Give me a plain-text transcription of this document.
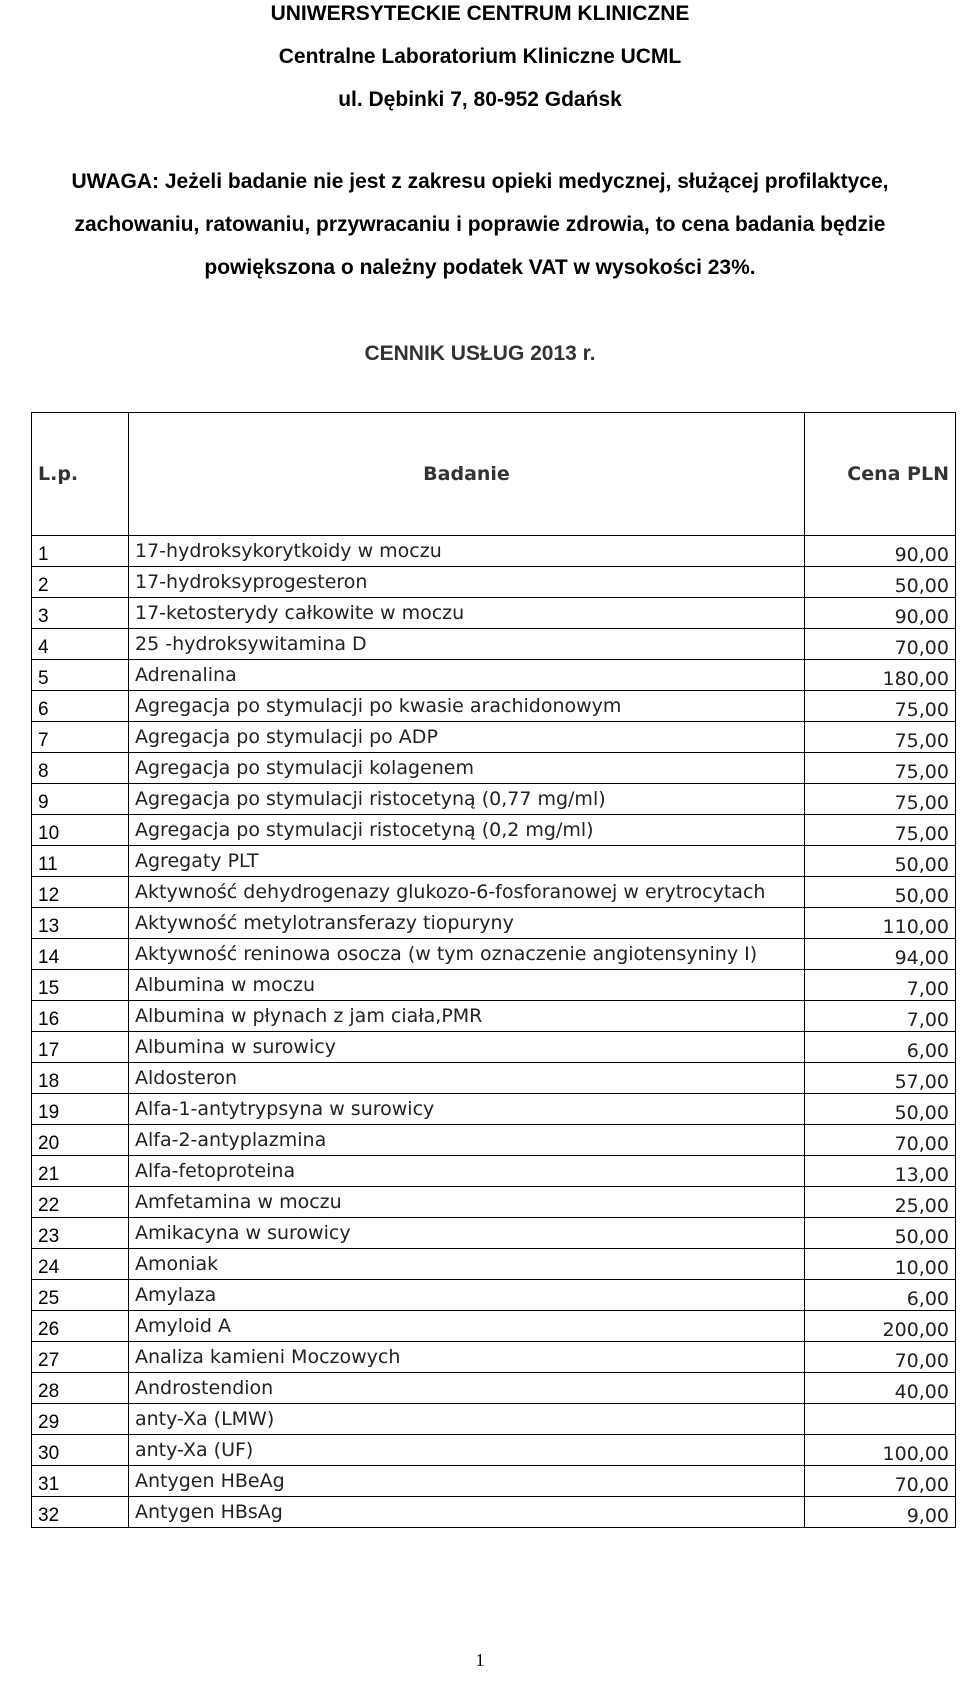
UNIWERSYTECKIE CENTRUM KLINICZNE
Centralne Laboratorium Kliniczne UCML
ul. Dębinki 7, 80-952 Gdańsk
UWAGA: Jeżeli badanie nie jest z zakresu opieki medycznej, służącej profilaktyce,
zachowaniu, ratowaniu, przywracaniu i poprawie zdrowia, to cena badania będzie
powiększona o należny podatek VAT w wysokości 23%.
CENNIK USŁUG 2013 r.
L.p.	Badanie	Cena PLN
1	17-hydroksykorytkoidy w moczu	90,00
2	17-hydroksyprogesteron	50,00
3	17-ketosterydy całkowite w moczu	90,00
4	25 -hydroksywitamina D	70,00
5	Adrenalina	180,00
6	Agregacja po stymulacji po kwasie arachidonowym	75,00
7	Agregacja po stymulacji po ADP	75,00
8	Agregacja po stymulacji kolagenem	75,00
9	Agregacja po stymulacji ristocetyną (0,77 mg/ml)	75,00
10	Agregacja po stymulacji ristocetyną (0,2 mg/ml)	75,00
11	Agregaty PLT	50,00
12	Aktywność dehydrogenazy glukozo-6-fosforanowej w erytrocytach	50,00
13	Aktywność metylotransferazy tiopuryny	110,00
14	Aktywność reninowa osocza (w tym oznaczenie angiotensyniny I)	94,00
15	Albumina w moczu	7,00
16	Albumina w płynach z jam ciała,PMR	7,00
17	Albumina w surowicy	6,00
18	Aldosteron	57,00
19	Alfa-1-antytrypsyna w surowicy	50,00
20	Alfa-2-antyplazmina	70,00
21	Alfa-fetoproteina	13,00
22	Amfetamina w moczu	25,00
23	Amikacyna w surowicy	50,00
24	Amoniak	10,00
25	Amylaza	6,00
26	Amyloid A	200,00
27	Analiza kamieni Moczowych	70,00
28	Androstendion	40,00
29	anty-Xa (LMW)	
30	anty-Xa (UF)	100,00
31	Antygen HBeAg	70,00
32	Antygen HBsAg	9,00
1
